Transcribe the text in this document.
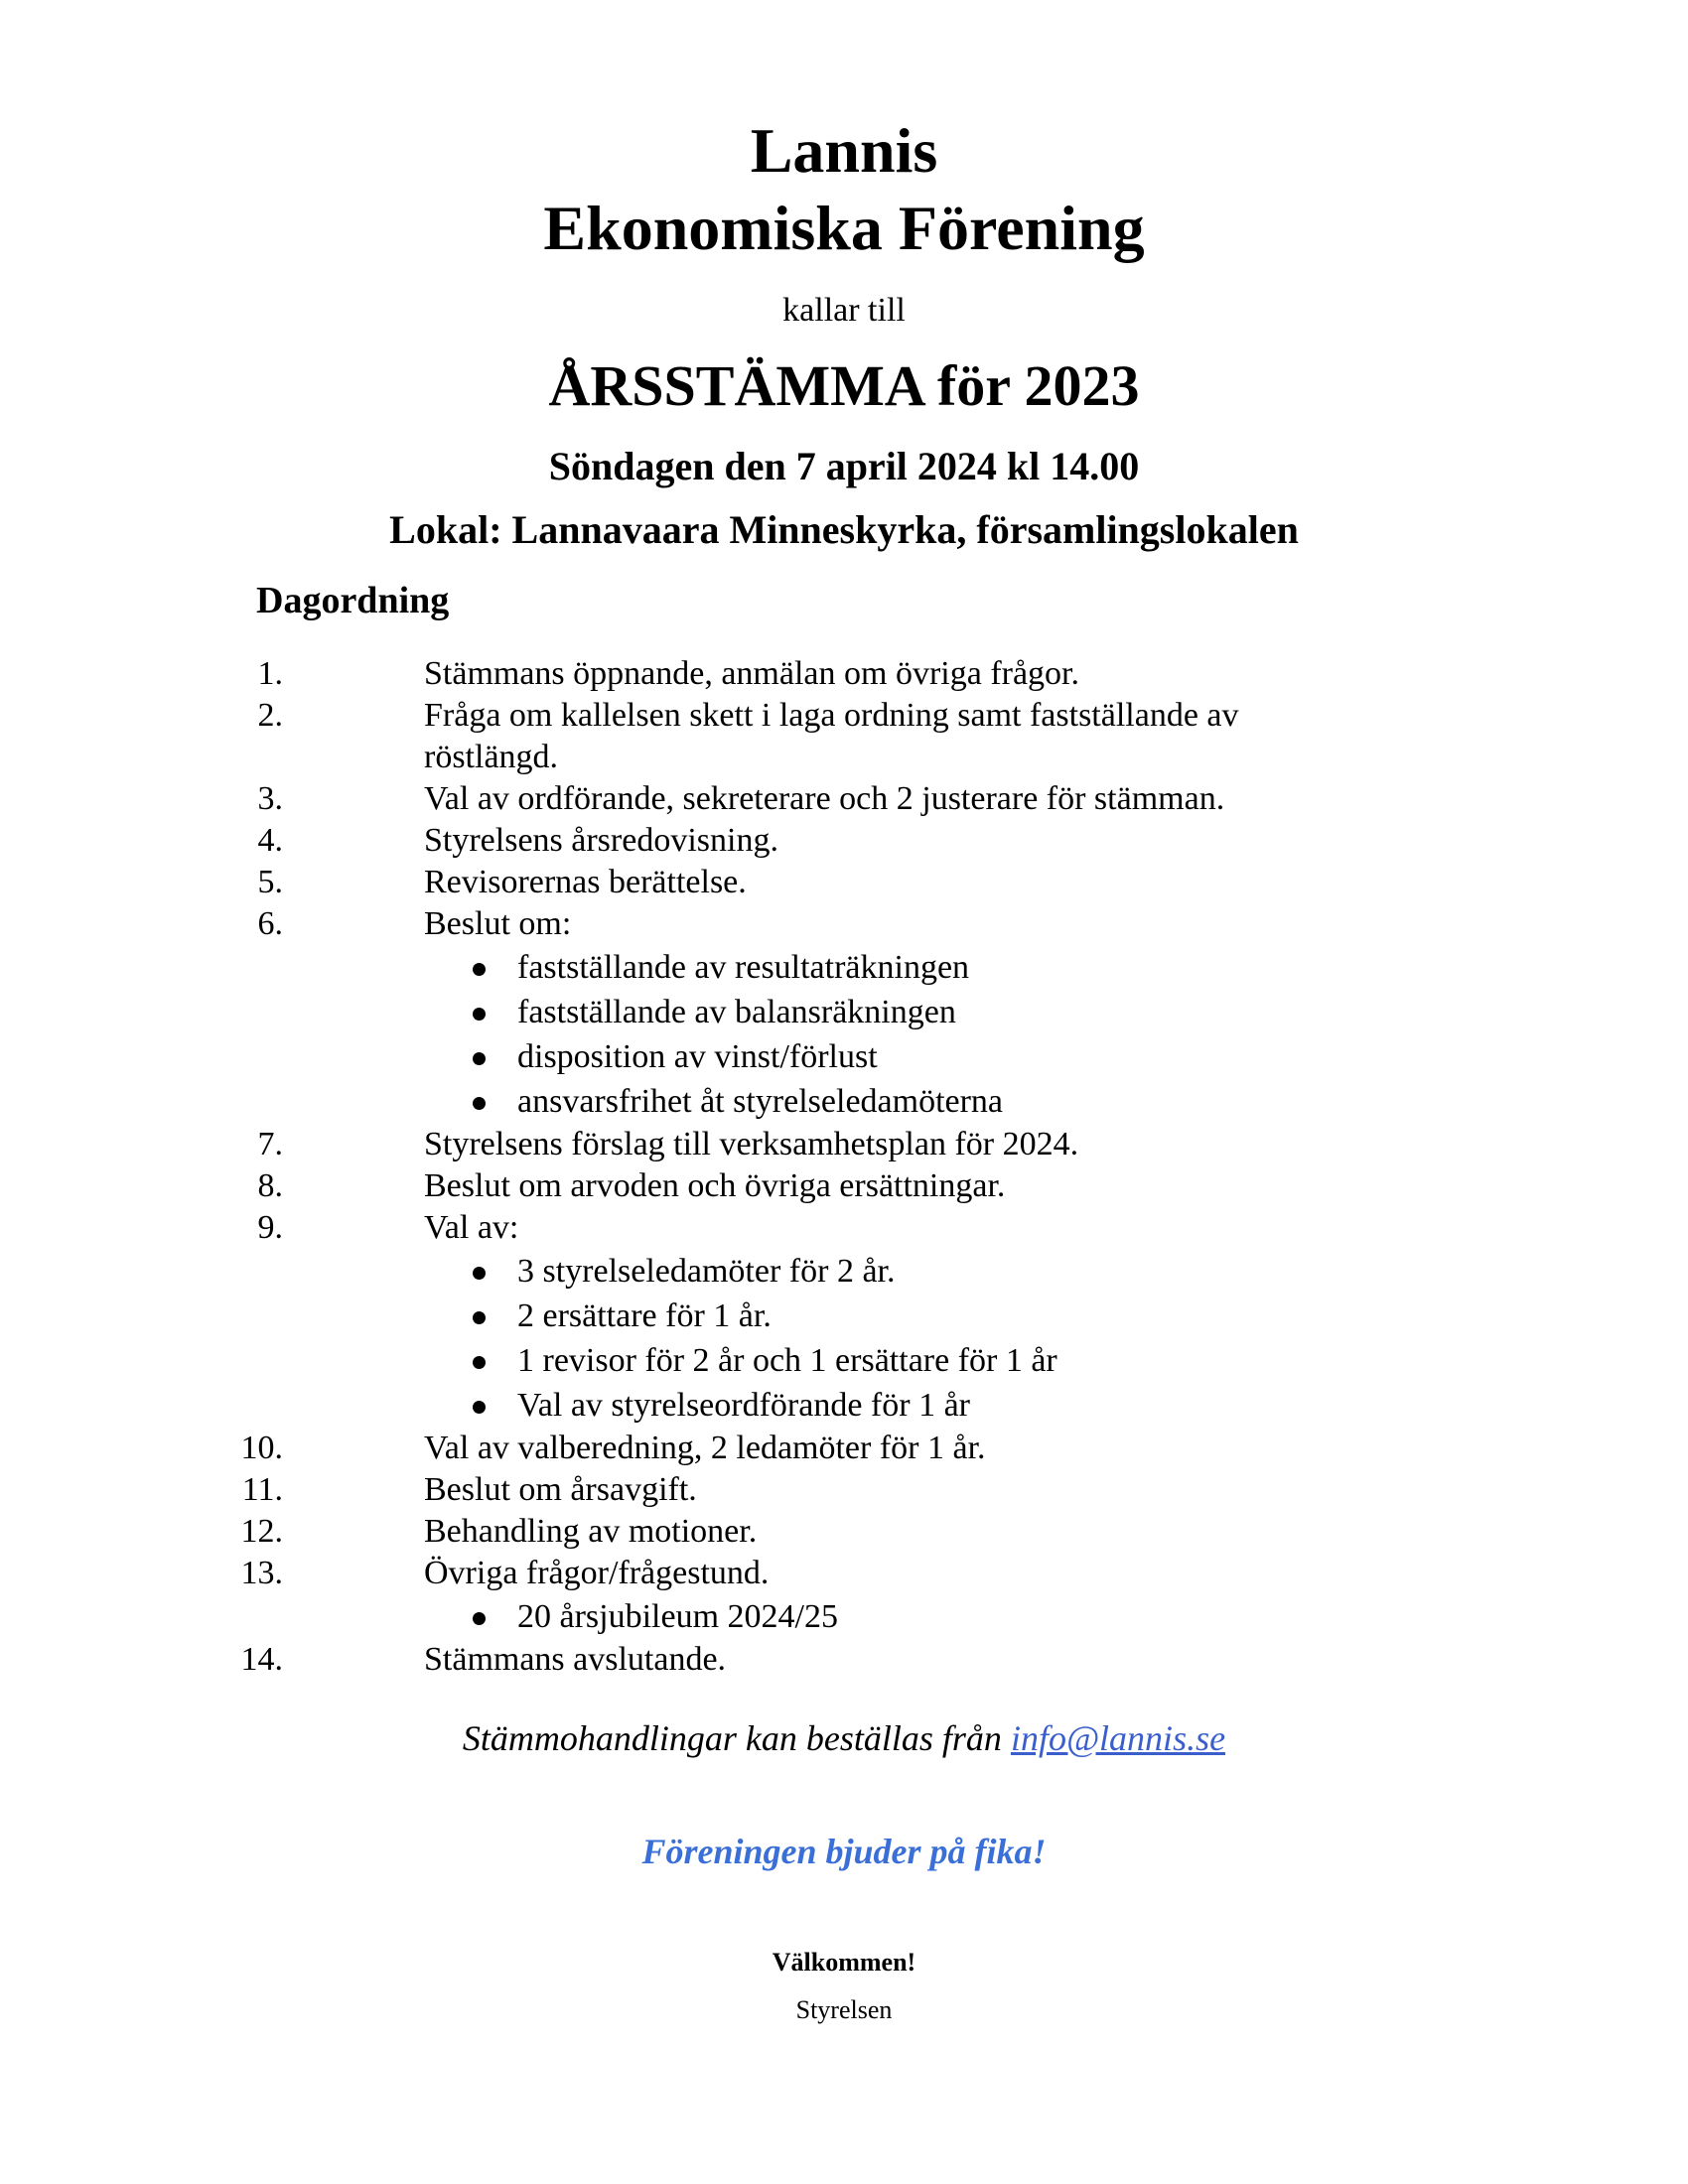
Lannis
Ekonomiska Förening
kallar till
ÅRSSTÄMMA för 2023
Söndagen den 7 april 2024 kl 14.00
Lokal: Lannavaara Minneskyrka, församlingslokalen
Dagordning
1.	Stämmans öppnande, anmälan om övriga frågor.
2.	Fråga om kallelsen skett i laga ordning samt fastställande av röstlängd.
3.	Val av ordförande, sekreterare och 2 justerare för stämman.
4.	Styrelsens årsredovisning.
5.	Revisorernas berättelse.
6.	Beslut om:
fastställande av resultaträkningen
fastställande av balansräkningen
disposition av vinst/förlust
ansvarsfrihet åt styrelseledamöterna
7.	Styrelsens förslag till verksamhetsplan för 2024.
8.	Beslut om arvoden och övriga ersättningar.
9.	Val av:
3 styrelseledamöter för 2 år.
2 ersättare för 1 år.
1 revisor för 2 år och 1 ersättare för 1 år
Val av styrelseordförande för 1 år
10.	Val av valberedning, 2 ledamöter för 1 år.
11.	Beslut om årsavgift.
12.	Behandling av motioner.
13.	Övriga frågor/frågestund.
20 årsjubileum 2024/25
14.	Stämmans avslutande.
Stämmohandlingar kan beställas från info@lannis.se
Föreningen bjuder på fika!
Välkommen!
Styrelsen
